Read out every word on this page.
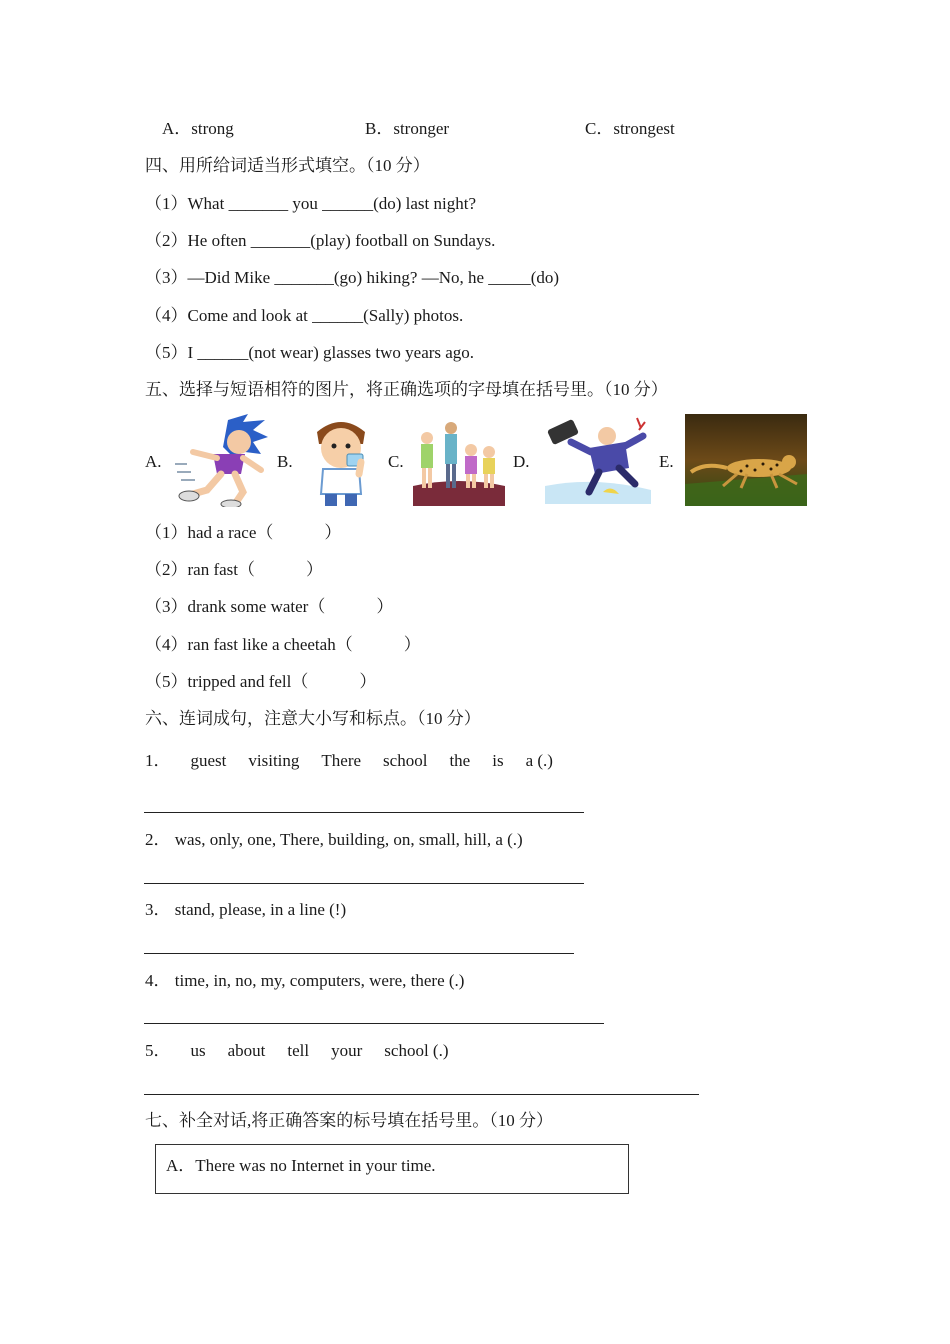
A．strong	B．stronger	C．strongest
四、用所给词适当形式填空。（10 分）
（1）What _______ you ______(do) last night?
（2）He often _______(play) football on Sundays.
（3）—Did Mike _______(go) hiking? —No, he _____(do)
（4）Come and look at ______(Sally) photos.
（5）I ______(not wear) glasses two years ago.
五、选择与短语相符的图片，将正确选项的字母填在括号里。（10 分）
A.	B.	C.	D.	E.
（1）had a race（　　　）
（2）ran fast（　　　）
（3）drank some water（　　　）
（4）ran fast like a cheetah（　　　）
（5）tripped and fell（　　　）
六、连词成句，注意大小写和标点。（10 分）
1． guest visiting There school the is a (.)
2． was, only, one, There, building, on, small, hill, a (.)
3． stand, please, in a line (!)
4． time, in, no, my, computers, were, there (.)
5． us about tell your school (.)
七、补全对话,将正确答案的标号填在括号里。（10 分）
A．There was no Internet in your time.
